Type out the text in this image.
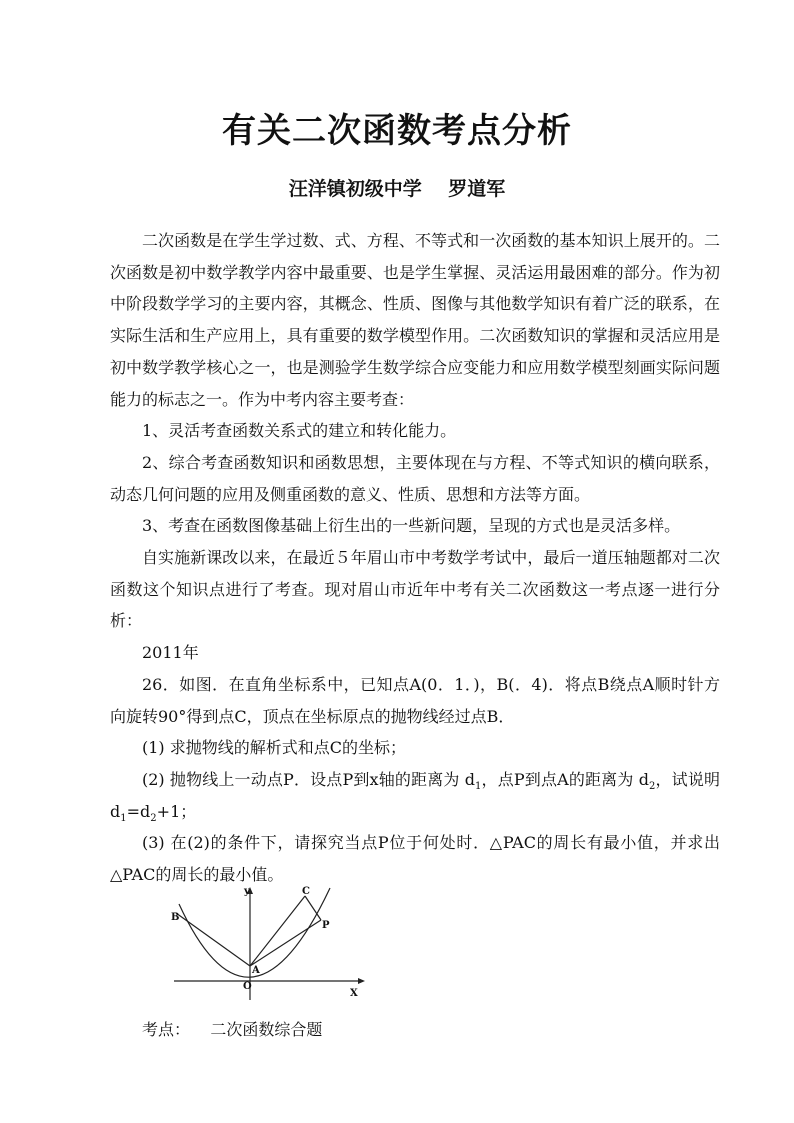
有关二次函数考点分析
汪洋镇初级中学    罗道军

二次函数是在学生学过数、式、方程、不等式和一次函数的基本知识上展开的。二次函数是初中数学教学内容中最重要、也是学生掌握、灵活运用最困难的部分。作为初中阶段数学学习的主要内容，其概念、性质、图像与其他数学知识有着广泛的联系，在实际生活和生产应用上，具有重要的数学模型作用。二次函数知识的掌握和灵活应用是初中数学教学核心之一，也是测验学生数学综合应变能力和应用数学模型刻画实际问题能力的标志之一。作为中考内容主要考查：

1、灵活考查函数关系式的建立和转化能力。

2、综合考查函数知识和函数思想，主要体现在与方程、不等式知识的横向联系，动态几何问题的应用及侧重函数的意义、性质、思想和方法等方面。

3、考查在函数图像基础上衍生出的一些新问题，呈现的方式也是灵活多样。

自实施新课改以来，在最近５年眉山市中考数学考试中，最后一道压轴题都对二次函数这个知识点进行了考查。现对眉山市近年中考有关二次函数这一考点逐一进行分析：

2011年

26．如图．在直角坐标系中，已知点A(0．1．)，B(．4)．将点B绕点A顺时针方向旋转90°得到点C，顶点在坐标原点的抛物线经过点B．

(1) 求抛物线的解析式和点C的坐标；

(2) 抛物线上一动点P．设点P到x轴的距离为 $d_1$，点P到点A的距离为 $d_2$，试说明 $d_1=d_2+1$；

(3) 在(2)的条件下，请探究当点P位于何处时．△PAC的周长有最小值，并求出△PAC的周长的最小值。

y
X
O
A
B
C
P
考点： 二次函数综合题
